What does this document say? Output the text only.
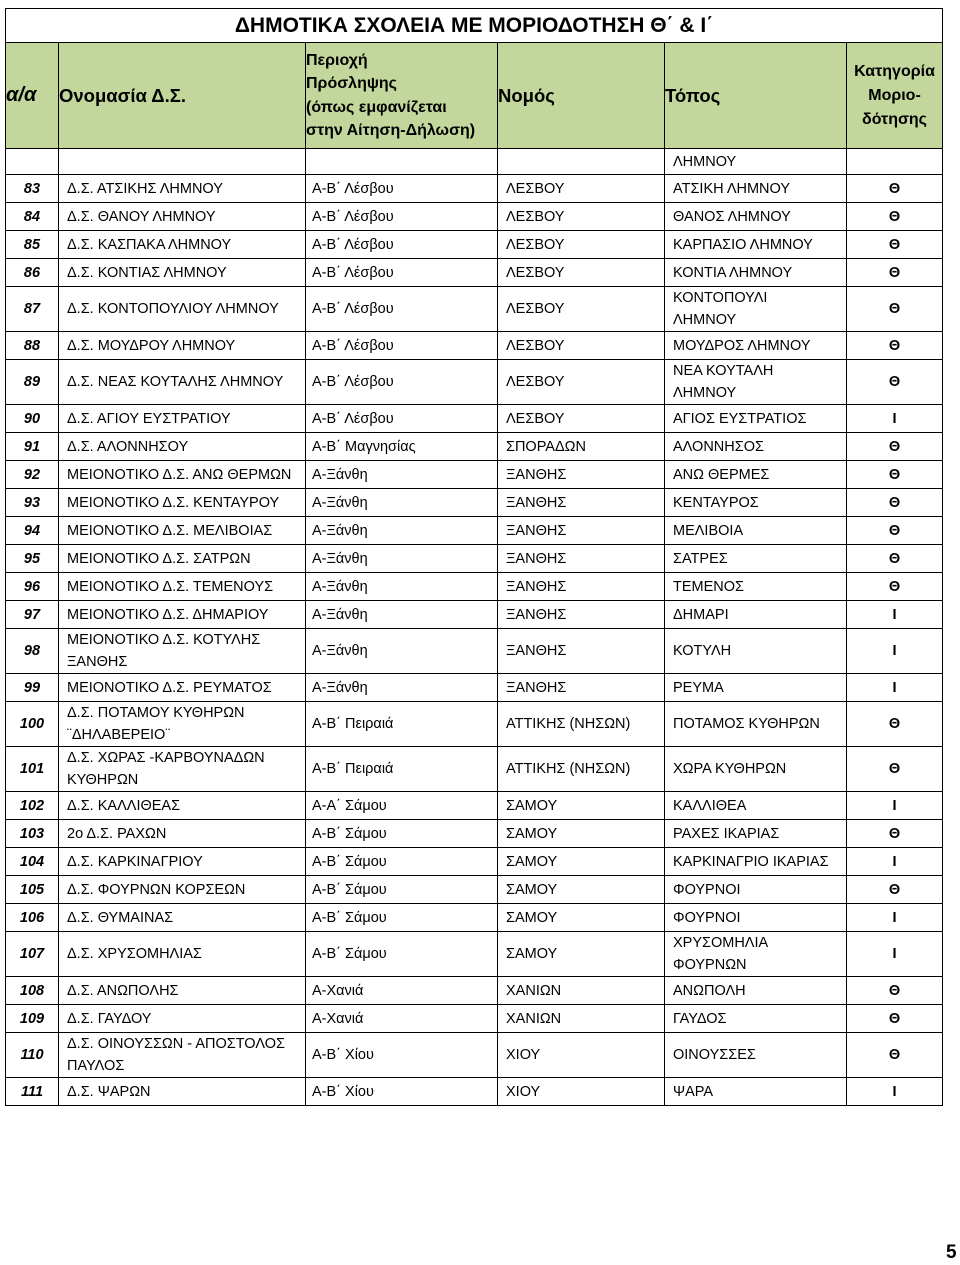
ΔΗΜΟΤΙΚΑ ΣΧΟΛΕΙΑ ΜΕ ΜΟΡΙΟΔΟΤΗΣΗ Θ΄ & Ι΄					
α/α	Ονομασία Δ.Σ.	Περιοχή
Πρόσληψης
(όπως εμφανίζεται
στην Αίτηση-Δήλωση)	Νομός	Τόπος	Κατηγορία
Μοριο-
δότησης
				ΛΗΜΝΟΥ	
83	Δ.Σ. ΑΤΣΙΚΗΣ ΛΗΜΝΟΥ	Α-Β΄ Λέσβου	ΛΕΣΒΟΥ	ΑΤΣΙΚΗ ΛΗΜΝΟΥ	Θ
84	Δ.Σ. ΘΑΝΟΥ ΛΗΜΝΟΥ	Α-Β΄ Λέσβου	ΛΕΣΒΟΥ	ΘΑΝΟΣ ΛΗΜΝΟΥ	Θ
85	Δ.Σ. ΚΑΣΠΑΚΑ ΛΗΜΝΟΥ	Α-Β΄ Λέσβου	ΛΕΣΒΟΥ	ΚΑΡΠΑΣΙΟ ΛΗΜΝΟΥ	Θ
86	Δ.Σ. ΚΟΝΤΙΑΣ ΛΗΜΝΟΥ	Α-Β΄ Λέσβου	ΛΕΣΒΟΥ	ΚΟΝΤΙΑ ΛΗΜΝΟΥ	Θ
87	Δ.Σ. ΚΟΝΤΟΠΟΥΛΙΟΥ ΛΗΜΝΟΥ	Α-Β΄ Λέσβου	ΛΕΣΒΟΥ	ΚΟΝΤΟΠΟΥΛΙ
ΛΗΜΝΟΥ	Θ
88	Δ.Σ. ΜΟΥΔΡΟΥ ΛΗΜΝΟΥ	Α-Β΄ Λέσβου	ΛΕΣΒΟΥ	ΜΟΥΔΡΟΣ ΛΗΜΝΟΥ	Θ
89	Δ.Σ. ΝΕΑΣ ΚΟΥΤΑΛΗΣ ΛΗΜΝΟΥ	Α-Β΄ Λέσβου	ΛΕΣΒΟΥ	ΝΕΑ ΚΟΥΤΑΛΗ
ΛΗΜΝΟΥ	Θ
90	Δ.Σ. ΑΓΙΟΥ ΕΥΣΤΡΑΤΙΟΥ	Α-Β΄ Λέσβου	ΛΕΣΒΟΥ	ΑΓΙΟΣ ΕΥΣΤΡΑΤΙΟΣ	Ι
91	Δ.Σ. ΑΛΟΝΝΗΣΟΥ	Α-Β΄ Μαγνησίας	ΣΠΟΡΑΔΩΝ	ΑΛΟΝΝΗΣΟΣ	Θ
92	ΜΕΙΟΝΟΤΙΚΟ Δ.Σ. ΑΝΩ ΘΕΡΜΩΝ	Α-Ξάνθη	ΞΑΝΘΗΣ	ΑΝΩ ΘΕΡΜΕΣ	Θ
93	ΜΕΙΟΝΟΤΙΚΟ Δ.Σ. ΚΕΝΤΑΥΡΟΥ	Α-Ξάνθη	ΞΑΝΘΗΣ	ΚΕΝΤΑΥΡΟΣ	Θ
94	ΜΕΙΟΝΟΤΙΚΟ Δ.Σ. ΜΕΛΙΒΟΙΑΣ	Α-Ξάνθη	ΞΑΝΘΗΣ	ΜΕΛΙΒΟΙΑ	Θ
95	ΜΕΙΟΝΟΤΙΚΟ Δ.Σ. ΣΑΤΡΩΝ	Α-Ξάνθη	ΞΑΝΘΗΣ	ΣΑΤΡΕΣ	Θ
96	ΜΕΙΟΝΟΤΙΚΟ Δ.Σ. ΤΕΜΕΝΟΥΣ	Α-Ξάνθη	ΞΑΝΘΗΣ	ΤΕΜΕΝΟΣ	Θ
97	ΜΕΙΟΝΟΤΙΚΟ Δ.Σ. ΔΗΜΑΡΙΟΥ	Α-Ξάνθη	ΞΑΝΘΗΣ	ΔΗΜΑΡΙ	Ι
98	ΜΕΙΟΝΟΤΙΚΟ Δ.Σ. ΚΟΤΥΛΗΣ
ΞΑΝΘΗΣ	Α-Ξάνθη	ΞΑΝΘΗΣ	ΚΟΤΥΛΗ	Ι
99	ΜΕΙΟΝΟΤΙΚΟ Δ.Σ. ΡΕΥΜΑΤΟΣ	Α-Ξάνθη	ΞΑΝΘΗΣ	ΡΕΥΜΑ	Ι
100	Δ.Σ. ΠΟΤΑΜΟΥ ΚΥΘΗΡΩΝ
¨ΔΗΛΑΒΕΡΕΙΟ¨	Α-Β΄ Πειραιά	ΑΤΤΙΚΗΣ (ΝΗΣΩΝ)	ΠΟΤΑΜΟΣ ΚΥΘΗΡΩΝ	Θ
101	Δ.Σ. ΧΩΡΑΣ -ΚΑΡΒΟΥΝΑΔΩΝ
ΚΥΘΗΡΩΝ	Α-Β΄ Πειραιά	ΑΤΤΙΚΗΣ (ΝΗΣΩΝ)	ΧΩΡΑ ΚΥΘΗΡΩΝ	Θ
102	Δ.Σ. ΚΑΛΛΙΘΕΑΣ	Α-Α΄ Σάμου	ΣΑΜΟΥ	ΚΑΛΛΙΘΕΑ	Ι
103	2ο Δ.Σ. ΡΑΧΩΝ	Α-Β΄ Σάμου	ΣΑΜΟΥ	ΡΑΧΕΣ ΙΚΑΡΙΑΣ	Θ
104	Δ.Σ. ΚΑΡΚΙΝΑΓΡΙΟΥ	Α-Β΄ Σάμου	ΣΑΜΟΥ	ΚΑΡΚΙΝΑΓΡΙΟ ΙΚΑΡΙΑΣ	Ι
105	Δ.Σ. ΦΟΥΡΝΩΝ ΚΟΡΣΕΩΝ	Α-Β΄ Σάμου	ΣΑΜΟΥ	ΦΟΥΡΝΟΙ	Θ
106	Δ.Σ. ΘΥΜΑΙΝΑΣ	Α-Β΄ Σάμου	ΣΑΜΟΥ	ΦΟΥΡΝΟΙ	Ι
107	Δ.Σ. ΧΡΥΣΟΜΗΛΙΑΣ	Α-Β΄ Σάμου	ΣΑΜΟΥ	ΧΡΥΣΟΜΗΛΙΑ
ΦΟΥΡΝΩΝ	Ι
108	Δ.Σ. ΑΝΩΠΟΛΗΣ	Α-Χανιά	ΧΑΝΙΩΝ	ΑΝΩΠΟΛΗ	Θ
109	Δ.Σ. ΓΑΥΔΟΥ	Α-Χανιά	ΧΑΝΙΩΝ	ΓΑΥΔΟΣ	Θ
110	Δ.Σ. ΟΙΝΟΥΣΣΩΝ - ΑΠΟΣΤΟΛΟΣ
ΠΑΥΛΟΣ	Α-Β΄ Χίου	ΧΙΟΥ	ΟΙΝΟΥΣΣΕΣ	Θ
111	Δ.Σ. ΨΑΡΩΝ	Α-Β΄ Χίου	ΧΙΟΥ	ΨΑΡΑ	Ι
5
